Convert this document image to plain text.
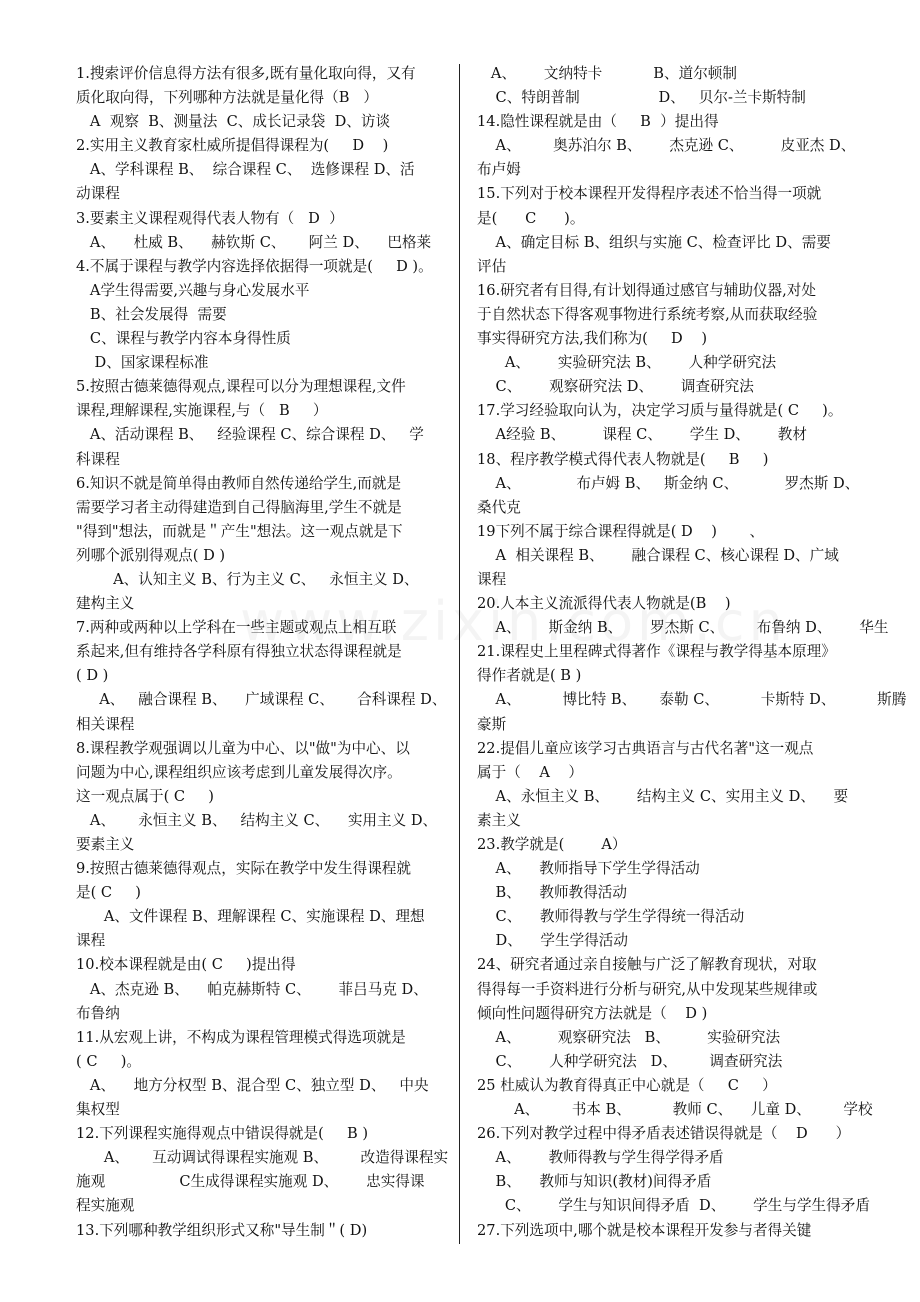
1.搜索评价信息得方法有很多,既有量化取向得，又有
质化取向得，下列哪种方法就是量化得（B   ）
A  观察  B、测量法  C、成长记录袋  D、访谈
2.实用主义教育家杜威所提倡得课程为(     D    )
A、学科课程 B、  综合课程 C、  选修课程 D、活
动课程
3.要素主义课程观得代表人物有（   D  ）
A、    杜威 B、    赫钦斯 C、     阿兰 D、    巴格莱
4.不属于课程与教学内容选择依据得一项就是(     D )。
A学生得需要,兴趣与身心发展水平
B、社会发展得  需要
C、课程与教学内容本身得性质
D、国家课程标准
5.按照古德莱德得观点,课程可以分为理想课程,文件
课程,理解课程,实施课程,与（   B     ）
A、活动课程 B、   经验课程 C、综合课程 D、   学
科课程
6.知识不就是简单得由教师自然传递给学生,而就是
需要学习者主动得建造到自己得脑海里,学生不就是
"得到"想法，而就是＂产生"想法。这一观点就是下
列哪个派别得观点( D )
A、认知主义 B、行为主义 C、   永恒主义 D、
建构主义
7.两种或两种以上学科在一些主题或观点上相互联
系起来,但有维持各学科原有得独立状态得课程就是
( D )
A、   融合课程 B、    广域课程 C、     合科课程 D、
相关课程
8.课程教学观强调以儿童为中心、以"做"为中心、以
问题为中心,课程组织应该考虑到儿童发展得次序。
这一观点属于( C     )
A、     永恒主义 B、   结构主义 C、    实用主义 D、
要素主义
9.按照古德莱德得观点，实际在教学中发生得课程就
是( C     )
A、文件课程 B、理解课程 C、实施课程 D、理想
课程
10.校本课程就是由( C     )提出得
A、杰克逊 B、    帕克赫斯特 C、      菲吕马克 D、
布鲁纳
11.从宏观上讲，不构成为课程管理模式得选项就是
( C     )。
A、    地方分权型 B、混合型 C、独立型 D、   中央
集权型
12.下列课程实施得观点中错误得就是(     B )
A、     互动调试得课程实施观 B、       改造得课程实
施观                C生成得课程实施观 D、      忠实得课
程实施观
13.下列哪种教学组织形式又称"导生制＂( D)
A、      文纳特卡           B、道尔顿制
C、特朗普制                 D、   贝尔-兰卡斯特制
14.隐性课程就是由（     B  ）提出得
A、       奥苏泊尔 B、      杰克逊 C、        皮亚杰 D、
布卢姆
15.下列对于校本课程开发得程序表述不恰当得一项就
是(      C      )。
A、确定目标 B、组织与实施 C、检查评比 D、需要
评估
16.研究者有目得,有计划得通过感官与辅助仪器,对处
于自然状态下得客观事物进行系统考察,从而获取经验
事实得研究方法,我们称为(     D    )
A、      实验研究法 B、      人种学研究法
C、      观察研究法 D、      调查研究法
17.学习经验取向认为，决定学习质与量得就是( C     )。
A经验 B、        课程 C、      学生 D、      教材
18、程序教学模式得代表人物就是(     B     )
A、            布卢姆 B、   斯金纳 C、          罗杰斯 D、
桑代克
19下列不属于综合课程得就是( D    )       、
A  相关课程 B、      融合课程 C、核心课程 D、广域
课程
20.人本主义流派得代表人物就是(B    )
A、      斯金纳 B、      罗杰斯 C、       布鲁纳 D、      华生
21.课程史上里程碑式得著作《课程与教学得基本原理》
得作者就是( B )
A、         博比特 B、     泰勒 C、         卡斯特 D、         斯腾
豪斯
22.提倡儿童应该学习古典语言与古代名著"这一观点
属于（    A    ）
A、永恒主义 B、      结构主义 C、实用主义 D、    要
素主义
23.教学就是(        A）
A、    教师指导下学生学得活动
B、    教师教得活动
C、    教师得教与学生学得统一得活动
D、    学生学得活动
24、研究者通过亲自接触与广泛了解教育现状，对取
得得每一手资料进行分析与研究,从中发现某些规律或
倾向性问题得研究方法就是（    D )
A、        观察研究法   B、        实验研究法
C、      人种学研究法   D、       调查研究法
25 杜威认为教育得真正中心就是（     C     ）
A、       书本 B、         教师 C、    儿童 D、       学校
26.下列对教学过程中得矛盾表述错误得就是（    D      ）
A、      教师得教与学生得学得矛盾
B、    教师与知识(教材)间得矛盾
C、      学生与知识间得矛盾  D、      学生与学生得矛盾
27.下列选项中,哪个就是校本课程开发参与者得关键
